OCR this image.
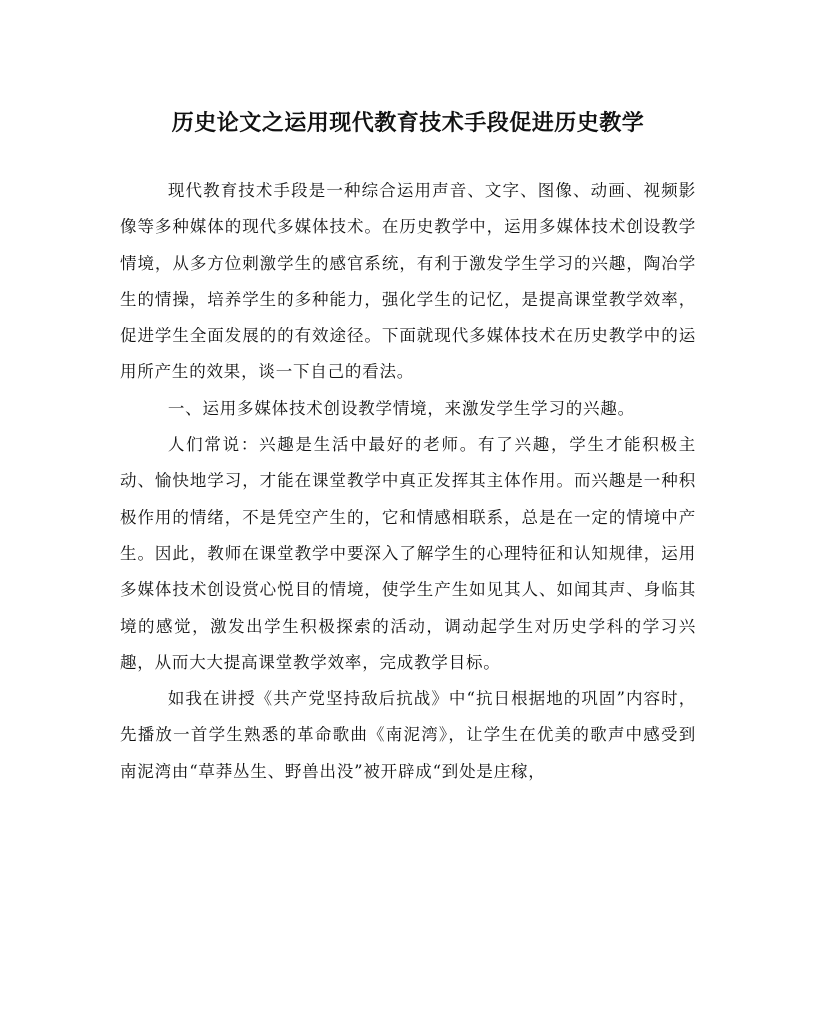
历史论文之运用现代教育技术手段促进历史教学

现代教育技术手段是一种综合运用声音、文字、图像、动画、视频影像等多种媒体的现代多媒体技术。在历史教学中，运用多媒体技术创设教学情境，从多方位刺激学生的感官系统，有利于激发学生学习的兴趣，陶冶学生的情操，培养学生的多种能力，强化学生的记忆，是提高课堂教学效率，促进学生全面发展的的有效途径。下面就现代多媒体技术在历史教学中的运用所产生的效果，谈一下自己的看法。

一、运用多媒体技术创设教学情境，来激发学生学习的兴趣。

人们常说：兴趣是生活中最好的老师。有了兴趣，学生才能积极主动、愉快地学习，才能在课堂教学中真正发挥其主体作用。而兴趣是一种积极作用的情绪，不是凭空产生的，它和情感相联系，总是在一定的情境中产生。因此，教师在课堂教学中要深入了解学生的心理特征和认知规律，运用多媒体技术创设赏心悦目的情境，使学生产生如见其人、如闻其声、身临其境的感觉，激发出学生积极探索的活动，调动起学生对历史学科的学习兴趣，从而大大提高课堂教学效率，完成教学目标。

如我在讲授《共产党坚持敌后抗战》中“抗日根据地的巩固”内容时，先播放一首学生熟悉的革命歌曲《南泥湾》，让学生在优美的歌声中感受到南泥湾由“草莽丛生、野兽出没”被开辟成“到处是庄稼，
